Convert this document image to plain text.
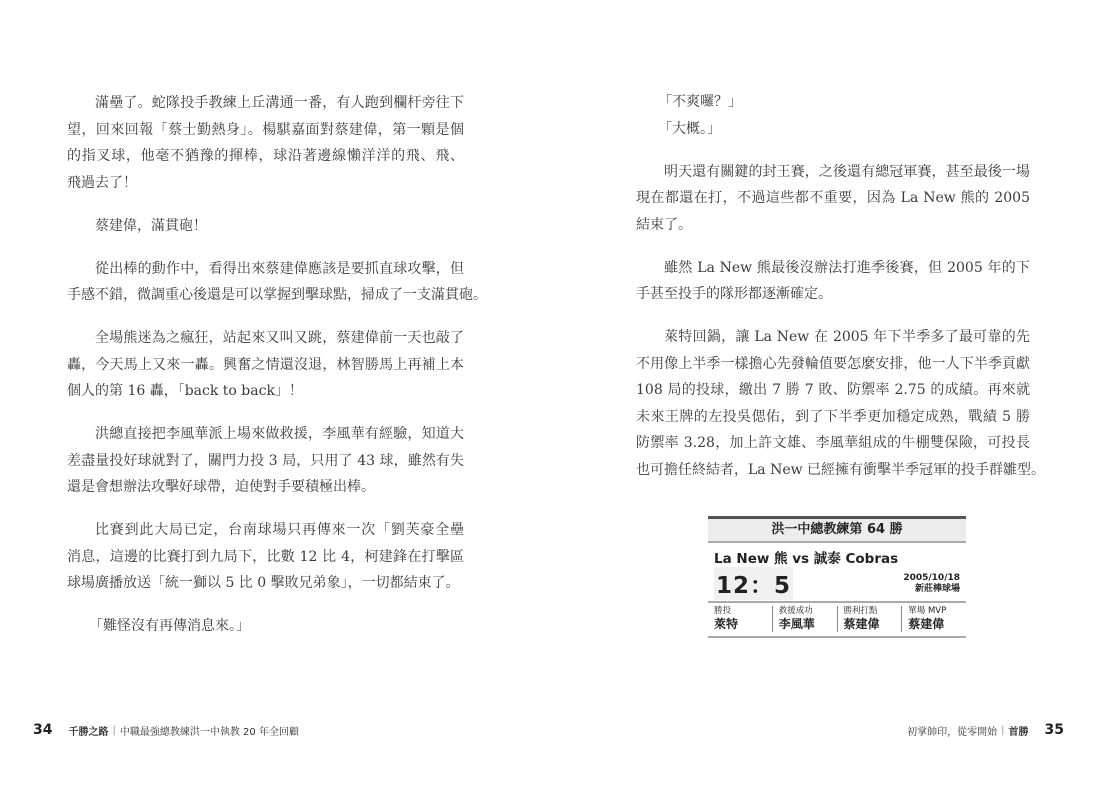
滿壘了。蛇隊投手教練上丘溝通一番，有人跑到欄杆旁往下
望，回來回報「蔡士勤熱身」。楊騏嘉面對蔡建偉，第一顆是個
的指叉球，他毫不猶豫的揮棒，球沿著邊線懶洋洋的飛、飛、
飛過去了！
蔡建偉，滿貫砲！
從出棒的動作中，看得出來蔡建偉應該是要抓直球攻擊，但
手感不錯，微調重心後還是可以掌握到擊球點，掃成了一支滿貫砲。
全場熊迷為之瘋狂，站起來又叫又跳，蔡建偉前一天也敲了
轟，今天馬上又來一轟。興奮之情還沒退，林智勝馬上再補上本
個人的第 16 轟，「back to back」！
洪總直接把李風華派上場來做救援，李風華有經驗，知道大
差盡量投好球就對了，關門力投 3 局，只用了 43 球，雖然有失
還是會想辦法攻擊好球帶，迫使對手要積極出棒。
比賽到此大局已定，台南球場只再傳來一次「劉芙豪全壘
消息，這邊的比賽打到九局下，比數 12 比 4，柯建鋒在打擊區
球場廣播放送「統一獅以 5 比 0 擊敗兄弟象」，一切都結束了。
「難怪沒有再傳消息來。」
「不爽囉？」
「大概。」
明天還有關鍵的封王賽，之後還有總冠軍賽，甚至最後一場
現在都還在打，不過這些都不重要，因為 La New 熊的 2005
結束了。
雖然 La New 熊最後沒辦法打進季後賽，但 2005 年的下
手甚至投手的隊形都逐漸確定。
萊特回鍋，讓 La New 在 2005 年下半季多了最可靠的先
不用像上半季一樣擔心先發輪值要怎麼安排，他一人下半季貢獻
108 局的投球，繳出 7 勝 7 敗、防禦率 2.75 的成績。再來就
未來王牌的左投吳偲佑，到了下半季更加穩定成熟，戰績 5 勝
防禦率 3.28，加上許文雄、李風華組成的牛棚雙保險，可投長
也可擔任終結者，La New 已經擁有衝擊半季冠軍的投手群雛型。
洪一中總教練第 64 勝
La New 熊 vs 誠泰 Cobras
12：5	2005/10/18
新莊棒球場
勝投
萊特
救援成功
李風華
勝利打點
蔡建偉
單場 MVP
蔡建偉
34 千勝之路 | 中職最強總教練洪一中執教 20 年全回顧	初掌帥印，從零開始 | 首勝 35
